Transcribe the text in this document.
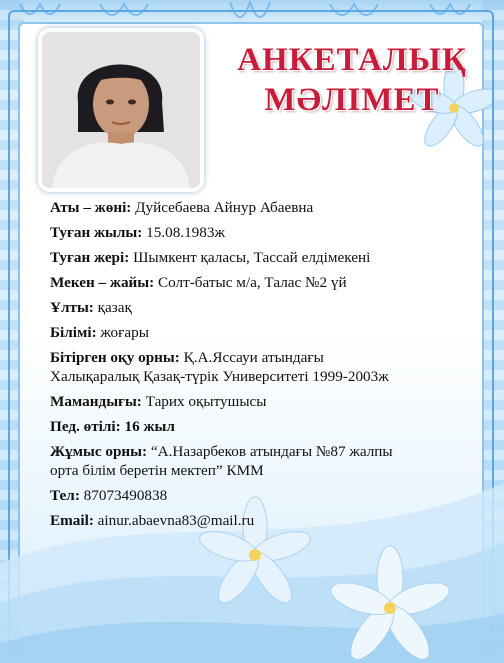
АНКЕТАЛЫҚ
МӘЛІМЕТ

Аты – жөні: Дуйсебаева Айнур Абаевна

Туған жылы: 15.08.1983ж

Туған жері: Шымкент қаласы, Тассай елдімекені

Мекен – жайы: Солт-батыс м/а, Талас №2 үй

Ұлты: қазақ

Білімі: жоғары

Бітірген оқу орны: Қ.А.Яссауи атындағы
Халықаралық Қазақ-түрік Университеті 1999-2003ж

Мамандығы: Тарих оқытушысы

Пед. өтілі: 16 жыл

Жұмыс орны: “А.Назарбеков атындағы №87 жалпы
орта білім беретін мектеп” КММ

Тел: 87073490838

Email: ainur.abaevna83@mail.ru
